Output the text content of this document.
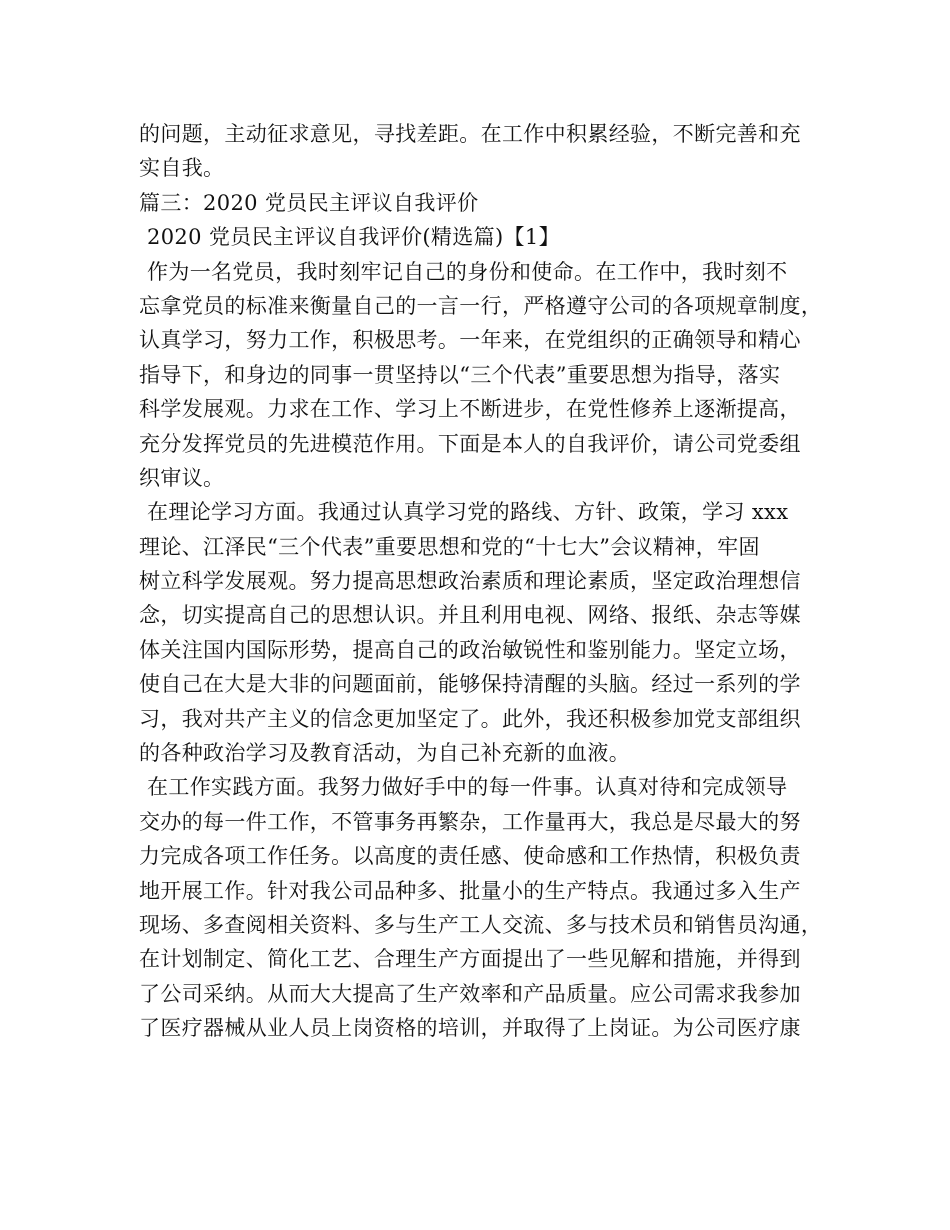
的问题，主动征求意见，寻找差距。在工作中积累经验，不断完善和充
实自我。
篇三：2020 党员民主评议自我评价
2020 党员民主评议自我评价(精选篇)【1】
作为一名党员，我时刻牢记自己的身份和使命。在工作中，我时刻不
忘拿党员的标准来衡量自己的一言一行，严格遵守公司的各项规章制度，
认真学习，努力工作，积极思考。一年来，在党组织的正确领导和精心
指导下，和身边的同事一贯坚持以“三个代表”重要思想为指导，落实
科学发展观。力求在工作、学习上不断进步，在党性修养上逐渐提高，
充分发挥党员的先进模范作用。下面是本人的自我评价，请公司党委组
织审议。
在理论学习方面。我通过认真学习党的路线、方针、政策，学习 xxx
理论、江泽民“三个代表”重要思想和党的“十七大”会议精神，牢固
树立科学发展观。努力提高思想政治素质和理论素质，坚定政治理想信
念，切实提高自己的思想认识。并且利用电视、网络、报纸、杂志等媒
体关注国内国际形势，提高自己的政治敏锐性和鉴别能力。坚定立场，
使自己在大是大非的问题面前，能够保持清醒的头脑。经过一系列的学
习，我对共产主义的信念更加坚定了。此外，我还积极参加党支部组织
的各种政治学习及教育活动，为自己补充新的血液。
在工作实践方面。我努力做好手中的每一件事。认真对待和完成领导
交办的每一件工作，不管事务再繁杂，工作量再大，我总是尽最大的努
力完成各项工作任务。以高度的责任感、使命感和工作热情，积极负责
地开展工作。针对我公司品种多、批量小的生产特点。我通过多入生产
现场、多查阅相关资料、多与生产工人交流、多与技术员和销售员沟通，
在计划制定、简化工艺、合理生产方面提出了一些见解和措施，并得到
了公司采纳。从而大大提高了生产效率和产品质量。应公司需求我参加
了医疗器械从业人员上岗资格的培训，并取得了上岗证。为公司医疗康
